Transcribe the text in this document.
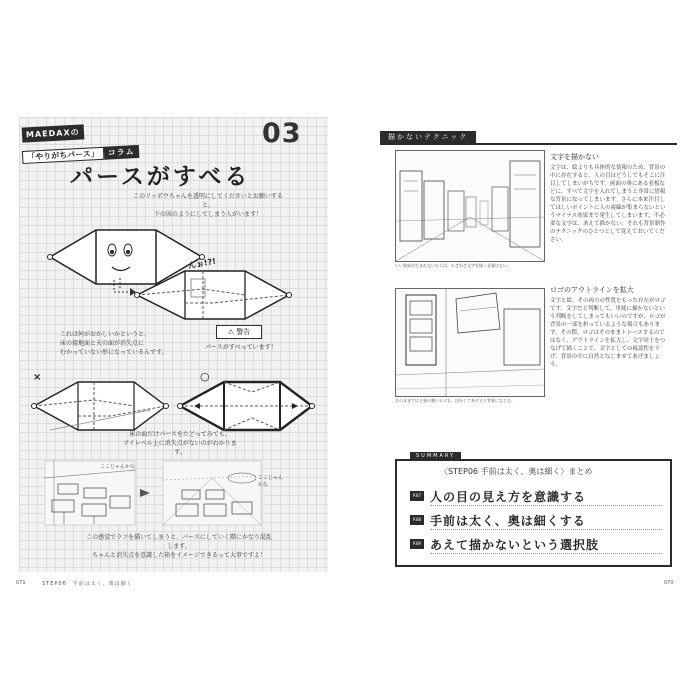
MAEDAXの
「やりがちパース」 コラム
03
パースがすべる
このリッポウちゃんを透明にしてくださいとお願いすると、
下の図のようにしてしまう人がいます！
んぉ!?!
これは何がおかしいかというと、
床の接地面と天の面が消失点に
むかっていない形になっているんです。
⚠ 警告
パースがすべっています！
×	○
床の面だけパースをたどってみても、
アイレベル上に消失点がないのがわかります。
ここじゃんかな
ここじゃん
かな
この感覚でラフを描いてしまうと、パースにしていく際にかなり混乱します。
ちゃんと消失点を意識した箱をイメージできるって大事ですよ！
071	STEP06　手前は太く、奥は細く
描かないテクニック
いい効果が生まれないならば、わざわざ文字を描く必要はない。
文字を描かない
文字は、絵よりも具体的な情報のため、背景の中に存在すると、人の目はどうしてもそこに注目してしまいがちです。画面の奥にある看板などに、すべて文字を入れてしまうと非常に情報な背景になってしまいます。さらに本来注目してほしいポイントに人の視線が集まらないというマイナス効果まで発生してしまいます。不必要な文字は、あえて描かない。それも背景制作のテクニックのひとつとして覚えておいてください。
そのままでは主張の強いロゴも、ぼかしてあげると背景になじむ。
ロゴのアウトラインを拡大
文字と絵、その両方の性質をもった存在がロゴです。文字だと判断して、単純に描かないという判断をしてしまってもいいのですが、ロゴが背景の一部を担っているような場合もあります。その際、ロゴはそのままトレースするのではなく、アウトラインを拡大し、文字同士をつなげて描くことで、文字としての視認性を下げ、背景の中に自然となじませてあげましょう。
SUMMARY
〈STEP06 手前は太く、奥は細く〉まとめ
P.87 人の目の見え方を意識する
P.88 手前は太く、奥は細くする
P.89 あえて描かないという選択肢
070
